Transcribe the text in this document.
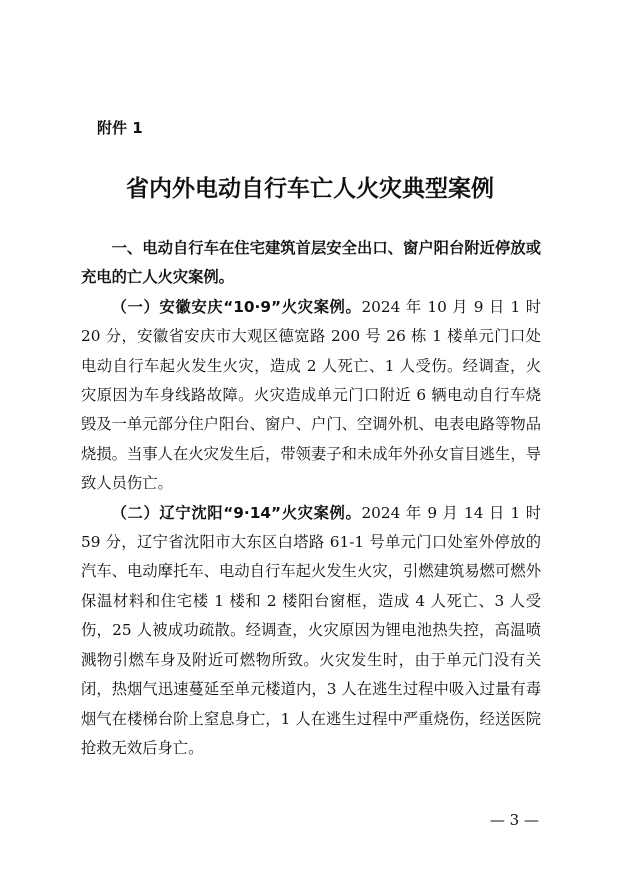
附件 1
省内外电动自行车亡人火灾典型案例

一、电动自行车在住宅建筑首层安全出口、窗户阳台附近停放或充电的亡人火灾案例。

（一）安徽安庆“10·9”火灾案例。2024 年 10 月 9 日 1 时 20 分，安徽省安庆市大观区德宽路 200 号 26 栋 1 楼单元门口处电动自行车起火发生火灾，造成 2 人死亡、1 人受伤。经调查，火灾原因为车身线路故障。火灾造成单元门口附近 6 辆电动自行车烧毁及一单元部分住户阳台、窗户、户门、空调外机、电表电路等物品烧损。当事人在火灾发生后，带领妻子和未成年外孙女盲目逃生，导致人员伤亡。

（二）辽宁沈阳“9·14”火灾案例。2024 年 9 月 14 日 1 时 59 分，辽宁省沈阳市大东区白塔路 61-1 号单元门口处室外停放的汽车、电动摩托车、电动自行车起火发生火灾，引燃建筑易燃可燃外保温材料和住宅楼 1 楼和 2 楼阳台窗框，造成 4 人死亡、3 人受伤，25 人被成功疏散。经调查，火灾原因为锂电池热失控，高温喷溅物引燃车身及附近可燃物所致。火灾发生时，由于单元门没有关闭，热烟气迅速蔓延至单元楼道内，3 人在逃生过程中吸入过量有毒烟气在楼梯台阶上窒息身亡，1 人在逃生过程中严重烧伤，经送医院抢救无效后身亡。

— 3 —
